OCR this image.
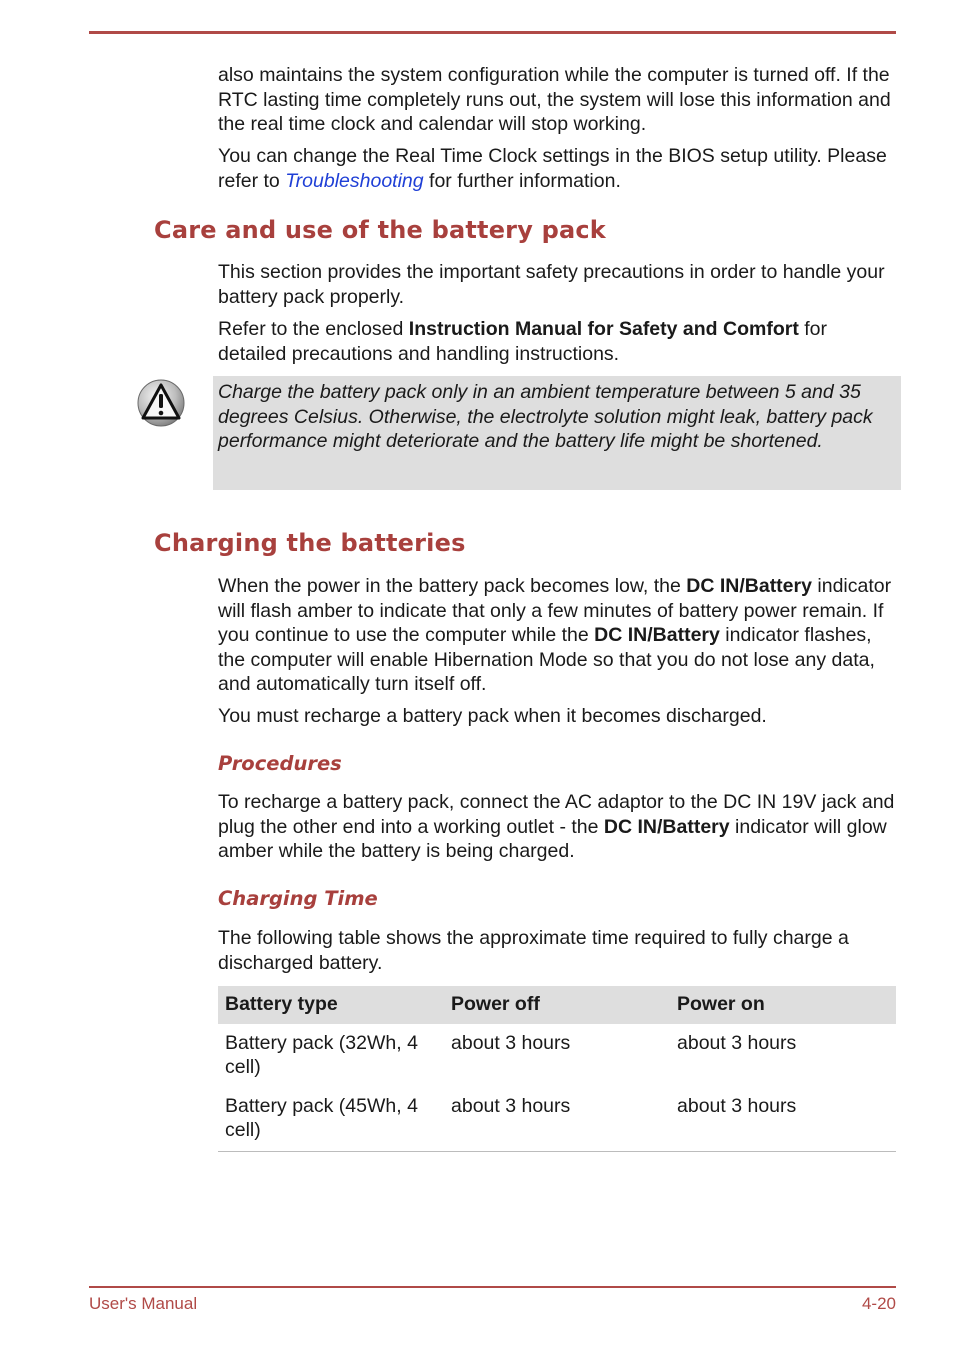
also maintains the system configuration while the computer is turned off. If the RTC lasting time completely runs out, the system will lose this information and the real time clock and calendar will stop working.

You can change the Real Time Clock settings in the BIOS setup utility. Please refer to Troubleshooting for further information.

Care and use of the battery pack

This section provides the important safety precautions in order to handle your battery pack properly.

Refer to the enclosed Instruction Manual for Safety and Comfort for detailed precautions and handling instructions.

Charge the battery pack only in an ambient temperature between 5 and 35 degrees Celsius. Otherwise, the electrolyte solution might leak, battery pack performance might deteriorate and the battery life might be shortened.

Charging the batteries

When the power in the battery pack becomes low, the DC IN/Battery indicator will flash amber to indicate that only a few minutes of battery power remain. If you continue to use the computer while the DC IN/Battery indicator flashes, the computer will enable Hibernation Mode so that you do not lose any data, and automatically turn itself off.

You must recharge a battery pack when it becomes discharged.

Procedures

To recharge a battery pack, connect the AC adaptor to the DC IN 19V jack and plug the other end into a working outlet - the DC IN/Battery indicator will glow amber while the battery is being charged.

Charging Time

The following table shows the approximate time required to fully charge a discharged battery.

Battery type	Power off	Power on
Battery pack (32Wh, 4 cell)	about 3 hours	about 3 hours
Battery pack (45Wh, 4 cell)	about 3 hours	about 3 hours
User's Manual	4-20
